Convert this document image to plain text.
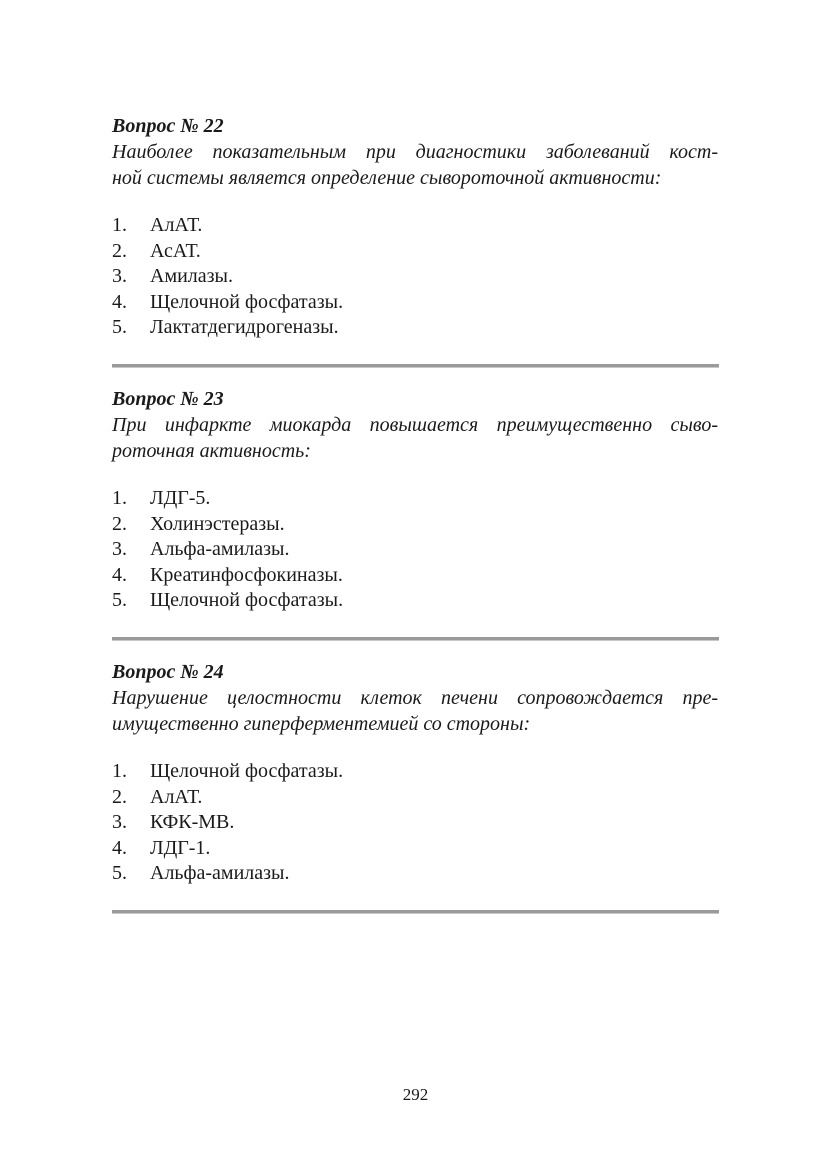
Вопрос № 22

Наиболее показательным при диагностики заболеваний кост-
ной системы является определение сывороточной активности:

1.	АлАТ.
2.	АсАТ.
3.	Амилазы.
4.	Щелочной фосфатазы.
5.	Лактатдегидрогеназы.

Вопрос № 23

При инфаркте миокарда повышается преимущественно сыво-
роточная активность:

1.	ЛДГ-5.
2.	Холинэстеразы.
3.	Альфа-амилазы.
4.	Креатинфосфокиназы.
5.	Щелочной фосфатазы.

Вопрос № 24

Нарушение целостности клеток печени сопровождается пре-
имущественно гиперферментемией со стороны:

1.	Щелочной фосфатазы.
2.	АлАТ.
3.	КФК-МВ.
4.	ЛДГ-1.
5.	Альфа-амилазы.
292
